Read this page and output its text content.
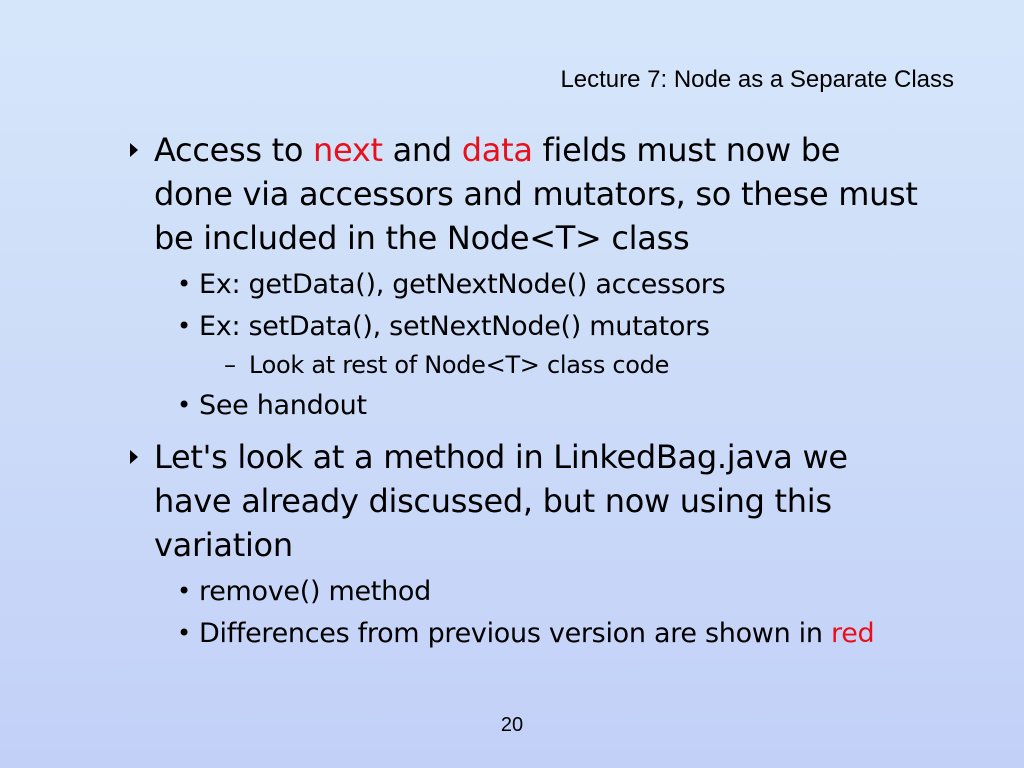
Lecture 7: Node as a Separate Class
Access to next and data fields must now be
done via accessors and mutators, so these must
be included in the Node<T> class
• Ex: getData(), getNextNode() accessors
• Ex: setData(), setNextNode() mutators
– Look at rest of Node<T> class code
• See handout
Let's look at a method in LinkedBag.java we
have already discussed, but now using this
variation
• remove() method
• Differences from previous version are shown in red
20
